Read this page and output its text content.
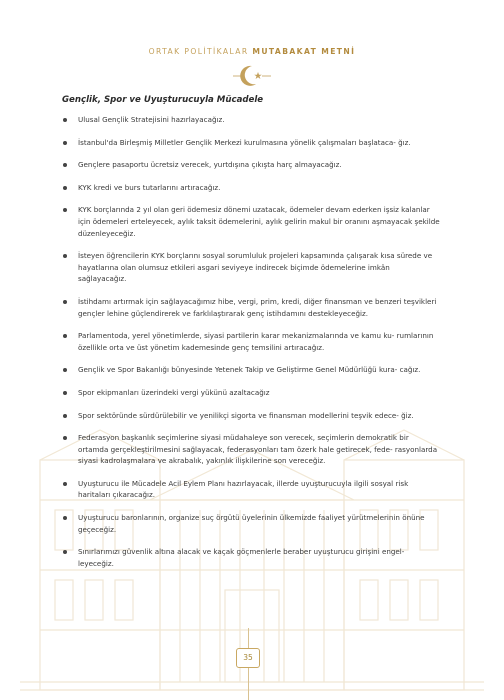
ORTAK POLİTİKALAR MUTABAKAT METNİ
Gençlik, Spor ve Uyuşturucuyla Mücadele
Ulusal Gençlik Stratejisini hazırlayacağız.
İstanbul'da Birleşmiş Milletler Gençlik Merkezi kurulmasına yönelik çalışmaları başlataca- ğız.
Gençlere pasaportu ücretsiz verecek, yurtdışına çıkışta harç almayacağız.
KYK kredi ve burs tutarlarını artıracağız.
KYK borçlarında 2 yıl olan geri ödemesiz dönemi uzatacak, ödemeler devam ederken işsiz kalanlar için ödemeleri erteleyecek, aylık taksit ödemelerini, aylık gelirin makul bir oranını aşmayacak şekilde düzenleyeceğiz.
İsteyen öğrencilerin KYK borçlarını sosyal sorumluluk projeleri kapsamında çalışarak kısa sürede ve hayatlarına olan olumsuz etkileri asgari seviyeye indirecek biçimde ödemelerine imkân sağlayacağız.
İstihdamı artırmak için sağlayacağımız hibe, vergi, prim, kredi, diğer finansman ve benzeri teşvikleri gençler lehine güçlendirerek ve farklılaştırarak genç istihdamını destekleyeceğiz.
Parlamentoda, yerel yönetimlerde, siyasi partilerin karar mekanizmalarında ve kamu ku- rumlarının özellikle orta ve üst yönetim kademesinde genç temsilini artıracağız.
Gençlik ve Spor Bakanlığı bünyesinde Yetenek Takip ve Geliştirme Genel Müdürlüğü kura- cağız.
Spor ekipmanları üzerindeki vergi yükünü azaltacağız
Spor sektöründe sürdürülebilir ve yenilikçi sigorta ve finansman modellerini teşvik edece- ğiz.
Federasyon başkanlık seçimlerine siyasi müdahaleye son verecek, seçimlerin demokratik bir ortamda gerçekleştirilmesini sağlayacak, federasyonları tam özerk hale getirecek, fede- rasyonlarda siyasi kadrolaşmalara ve akrabalık, yakınlık ilişkilerine son vereceğiz.
Uyuşturucu ile Mücadele Acil Eylem Planı hazırlayacak, illerde uyuşturucuyla ilgili sosyal risk haritaları çıkaracağız.
Uyuşturucu baronlarının, organize suç örgütü üyelerinin ülkemizde faaliyet yürütmelerinin önüne geçeceğiz.
Sınırlarımızı güvenlik altına alacak ve kaçak göçmenlerle beraber uyuşturucu girişini engel- leyeceğiz.
35
